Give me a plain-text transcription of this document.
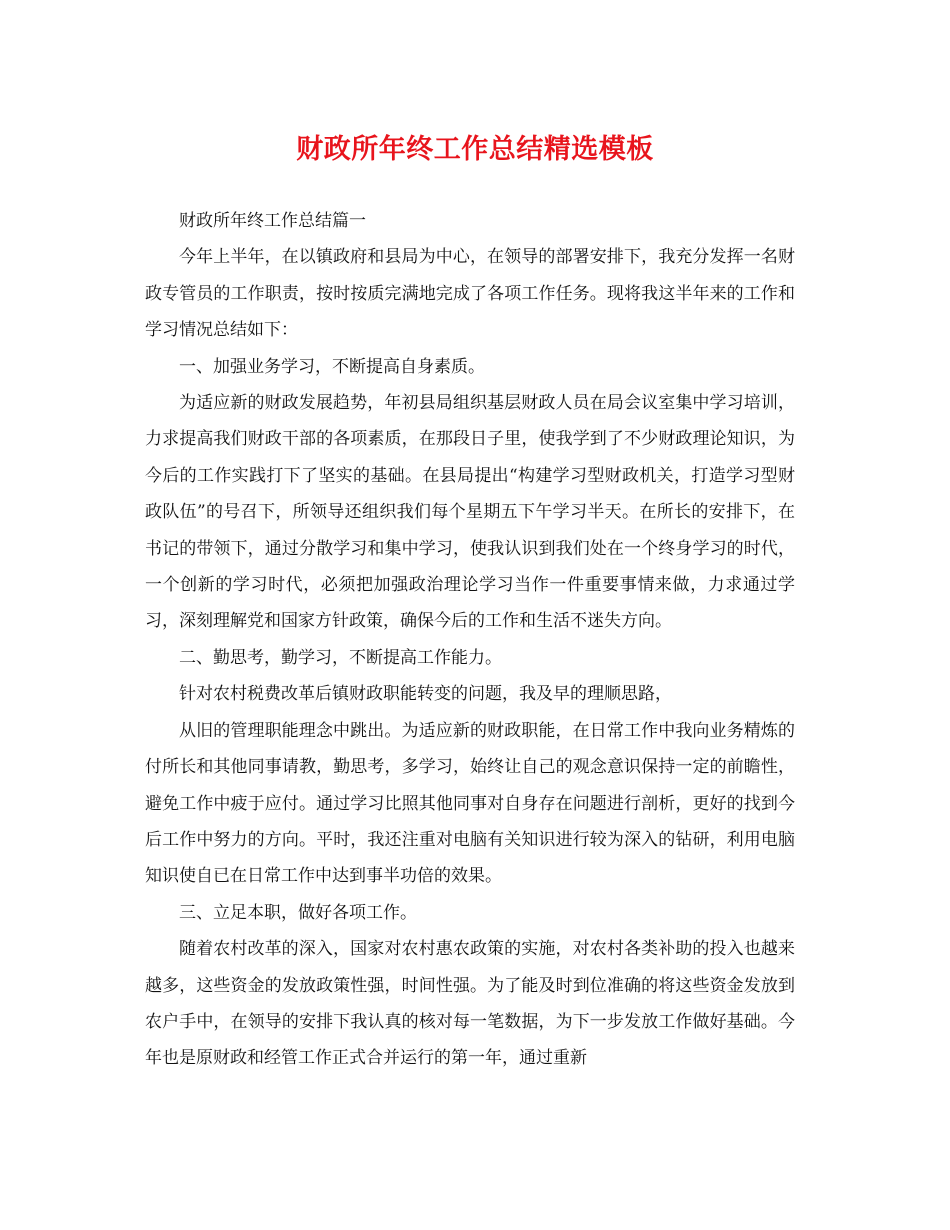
财政所年终工作总结精选模板

财政所年终工作总结篇一

今年上半年，在以镇政府和县局为中心，在领导的部署安排下，我充分发挥一名财政专管员的工作职责，按时按质完满地完成了各项工作任务。现将我这半年来的工作和学习情况总结如下：

一、加强业务学习，不断提高自身素质。

为适应新的财政发展趋势，年初县局组织基层财政人员在局会议室集中学习培训，力求提高我们财政干部的各项素质，在那段日子里，使我学到了不少财政理论知识，为今后的工作实践打下了坚实的基础。在县局提出“构建学习型财政机关，打造学习型财政队伍”的号召下，所领导还组织我们每个星期五下午学习半天。在所长的安排下，在书记的带领下，通过分散学习和集中学习，使我认识到我们处在一个终身学习的时代，一个创新的学习时代，必须把加强政治理论学习当作一件重要事情来做，力求通过学习，深刻理解党和国家方针政策，确保今后的工作和生活不迷失方向。

二、勤思考，勤学习，不断提高工作能力。

针对农村税费改革后镇财政职能转变的问题，我及早的理顺思路，

从旧的管理职能理念中跳出。为适应新的财政职能，在日常工作中我向业务精炼的付所长和其他同事请教，勤思考，多学习，始终让自己的观念意识保持一定的前瞻性，避免工作中疲于应付。通过学习比照其他同事对自身存在问题进行剖析，更好的找到今后工作中努力的方向。平时，我还注重对电脑有关知识进行较为深入的钻研，利用电脑知识使自已在日常工作中达到事半功倍的效果。

三、立足本职，做好各项工作。

随着农村改革的深入，国家对农村惠农政策的实施，对农村各类补助的投入也越来越多，这些资金的发放政策性强，时间性强。为了能及时到位准确的将这些资金发放到农户手中，在领导的安排下我认真的核对每一笔数据，为下一步发放工作做好基础。今年也是原财政和经管工作正式合并运行的第一年，通过重新
